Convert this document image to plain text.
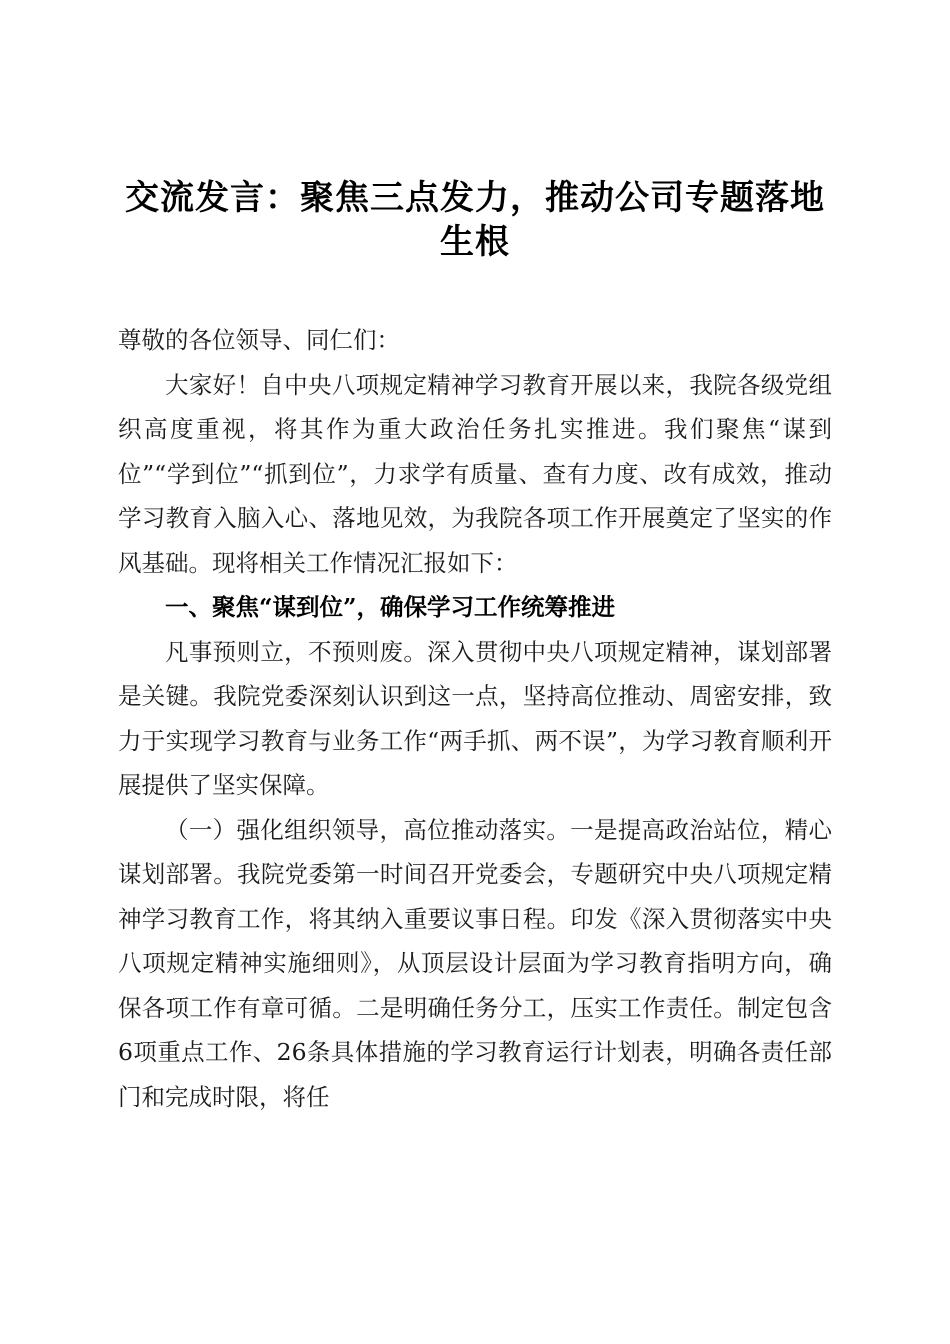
交流发言：聚焦三点发力，推动公司专题落地生根

尊敬的各位领导、同仁们：

大家好！自中央八项规定精神学习教育开展以来，我院各级党组织高度重视，将其作为重大政治任务扎实推进。我们聚焦“谋到位”“学到位”“抓到位”，力求学有质量、查有力度、改有成效，推动学习教育入脑入心、落地见效，为我院各项工作开展奠定了坚实的作风基础。现将相关工作情况汇报如下：

一、聚焦“谋到位”，确保学习工作统筹推进

凡事预则立，不预则废。深入贯彻中央八项规定精神，谋划部署是关键。我院党委深刻认识到这一点，坚持高位推动、周密安排，致力于实现学习教育与业务工作“两手抓、两不误”，为学习教育顺利开展提供了坚实保障。

（一）强化组织领导，高位推动落实。一是提高政治站位，精心谋划部署。我院党委第一时间召开党委会，专题研究中央八项规定精神学习教育工作，将其纳入重要议事日程。印发《深入贯彻落实中央八项规定精神实施细则》，从顶层设计层面为学习教育指明方向，确保各项工作有章可循。二是明确任务分工，压实工作责任。制定包含6项重点工作、26条具体措施的学习教育运行计划表，明确各责任部门和完成时限，将任
